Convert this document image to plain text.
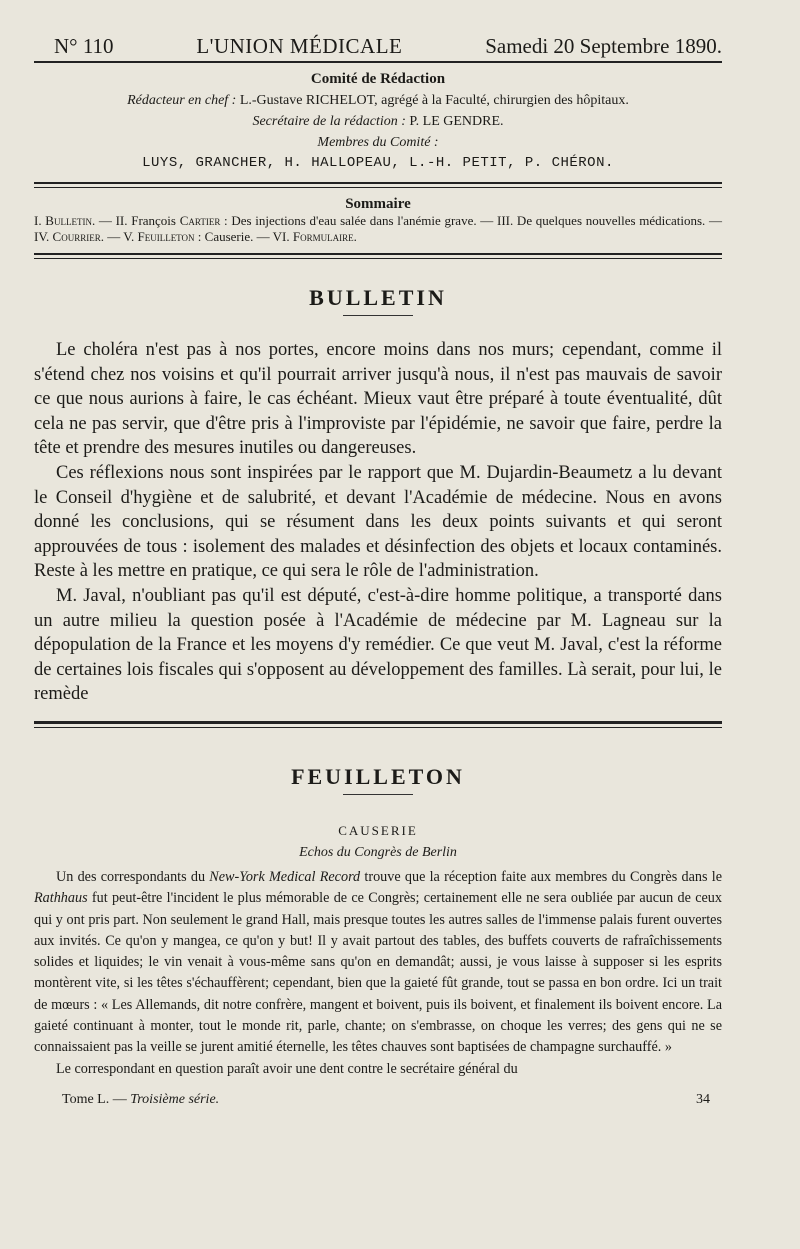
N° 110	L'UNION MÉDICALE	Samedi 20 Septembre 1890.
Comité de Rédaction
Rédacteur en chef : L.-Gustave RICHELOT, agrégé à la Faculté, chirurgien des hôpitaux.
Secrétaire de la rédaction : P. LE GENDRE.
Membres du Comité :
LUYS, GRANCHER, H. HALLOPEAU, L.-H. PETIT, P. CHÉRON.
Sommaire
I. Bulletin. — II. François Cartier : Des injections d'eau salée dans l'anémie grave. — III. De quelques nouvelles médications. — IV. Courrier. — V. Feuilleton : Causerie. — VI. Formulaire.
BULLETIN

Le choléra n'est pas à nos portes, encore moins dans nos murs; cependant, comme il s'étend chez nos voisins et qu'il pourrait arriver jusqu'à nous, il n'est pas mauvais de savoir ce que nous aurions à faire, le cas échéant. Mieux vaut être préparé à toute éventualité, dût cela ne pas servir, que d'être pris à l'improviste par l'épidémie, ne savoir que faire, perdre la tête et prendre des mesures inutiles ou dangereuses.

Ces réflexions nous sont inspirées par le rapport que M. Dujardin-Beaumetz a lu devant le Conseil d'hygiène et de salubrité, et devant l'Académie de médecine. Nous en avons donné les conclusions, qui se résument dans les deux points suivants et qui seront approuvées de tous : isolement des malades et désinfection des objets et locaux contaminés. Reste à les mettre en pratique, ce qui sera le rôle de l'administration.

M. Javal, n'oubliant pas qu'il est député, c'est-à-dire homme politique, a transporté dans un autre milieu la question posée à l'Académie de médecine par M. Lagneau sur la dépopulation de la France et les moyens d'y remédier. Ce que veut M. Javal, c'est la réforme de certaines lois fiscales qui s'opposent au développement des familles. Là serait, pour lui, le remède

FEUILLETON
CAUSERIE
Echos du Congrès de Berlin

Un des correspondants du New-York Medical Record trouve que la réception faite aux membres du Congrès dans le Rathhaus fut peut-être l'incident le plus mémorable de ce Congrès; certainement elle ne sera oubliée par aucun de ceux qui y ont pris part. Non seulement le grand Hall, mais presque toutes les autres salles de l'immense palais furent ouvertes aux invités. Ce qu'on y mangea, ce qu'on y but! Il y avait partout des tables, des buffets couverts de rafraîchissements solides et liquides; le vin venait à vous-même sans qu'on en demandât; aussi, je vous laisse à supposer si les esprits montèrent vite, si les têtes s'échauffèrent; cependant, bien que la gaieté fût grande, tout se passa en bon ordre. Ici un trait de mœurs : « Les Allemands, dit notre confrère, mangent et boivent, puis ils boivent, et finalement ils boivent encore. La gaieté continuant à monter, tout le monde rit, parle, chante; on s'embrasse, on choque les verres; des gens qui ne se connaissaient pas la veille se jurent amitié éternelle, les têtes chauves sont baptisées de champagne surchauffé. »

Le correspondant en question paraît avoir une dent contre le secrétaire général du

Tome L. — Troisième série.	34
